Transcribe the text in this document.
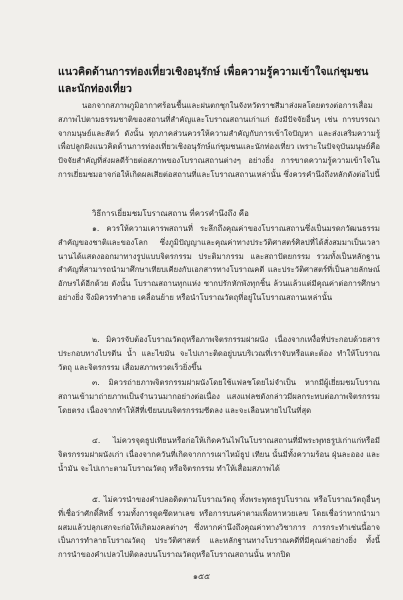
แนวคิดด้านการท่องเที่ยวเชิงอนุรักษ์ เพื่อความรู้ความเข้าใจแก่ชุมชนและนักท่องเที่ยว
นอกจากสภาพภูมิอากาศร้อนชื้นและฝนตกชุกในจังหวัดราชสีมาส่งผลโดยตรงต่อการเสื่อมสภาพไปตามธรรมชาติของสถานที่สำคัญและโบราณสถานเก่าแก่ ยังมีปัจจัยอื่นๆ เช่น การบรรณาจากมนุษย์และสัตว์ ดังนั้น ทุกภาคส่วนควรให้ความสำคัญกับการเข้าใจปัญหา และส่งเสริมความรู้เพื่อปลูกฝังแนวคิดด้านการท่องเที่ยวเชิงอนุรักษ์แก่ชุมชนและนักท่องเที่ยว เพราะในปัจจุบันมนุษย์คือปัจจัยสำคัญที่ส่งผลดีร้ายต่อสภาพของโบราณสถานต่างๆ อย่างยิ่ง การขาดความรู้ความเข้าใจในการเยี่ยมชมอาจก่อให้เกิดผลเสียต่อสถานที่และโบราณสถานเหล่านั้น ซึ่งควรคำนึงถึงหลักดังต่อไปนี้
วิธีการเยี่ยมชมโบราณสถาน ที่ควรคำนึงถึง คือ
๑. ควรให้ความเคารพสถานที่ ระลึกถึงคุณค่าของโบราณสถานซึ่งเป็นมรดกวัฒนธรรมสำคัญของชาติและของโลก ซึ่งภูมิปัญญาและคุณค่าทางประวัติศาสตร์ศิลปที่ได้สั่งสมมาเป็นเวลานานได้แสดงออกมาทางรูปแบบจิตรกรรม ประติมากรรม และสถาปัตยกรรม รวมทั้งเป็นหลักฐานสำคัญที่สามารถนำมาศึกษาเทียบเคียงกับเอกสารทางโบราณคดี และประวัติศาสตร์ที่เป็นลายลักษณ์อักษรได้อีกด้วย ดังนั้น โบราณสถานทุกแห่ง ซากปรักหักพังทุกชิ้น ล้วนแล้วแต่มีคุณค่าต่อการศึกษาอย่างยิ่ง จึงมิควรทำลาย เคลื่อนย้าย หรือนำโบราณวัตถุที่อยู่ในโบราณสถานเหล่านั้น
๒. มิควรจับต้องโบราณวัตถุหรือภาพจิตรกรรมฝาผนัง เนื่องจากเหงื่อที่ประกอบด้วยสารประกอบทางไบรตีน น้ำ และไขมัน จะไปเกาะติดอยู่บนบริเวณที่เราจับหรือแตะต้อง ทำให้โบราณวัตถุ และจิตรกรรม เสื่อมสภาพรวดเร็วยิ่งขึ้น
๓. มิควรถ่ายภาพจิตรกรรมฝาผนังโดยใช้แฟลชโดยไม่จำเป็น หากมีผู้เยี่ยมชมโบราณสถานเข้ามาถ่ายภาพเป็นจำนวนมากอย่างต่อเนื่อง แสงแฟลชดังกล่าวมีผลกระทบต่อภาพจิตรกรรมโดยตรง เนื่องจากทำให้สีที่เขียนบนจิตรกรรมซีดลง และจะเลือนหายไปในที่สุด
๔. ไม่ควรจุดธูปเทียนหรือก่อให้เกิดควันไฟในโบราณสถานที่มีพระพุทธรูปเก่าแก่หรือมีจิตรกรรมฝาผนังเก่า เนื่องจากควันที่เกิดจากการเผาไหม้ธูป เทียน นั้นมีทั้งความร้อน ฝุ่นละออง และน้ำมัน จะไปเกาะตามโบราณวัตถุ หรือจิตรกรรม ทำให้เสื่อมสภาพได้
๕. ไม่ควรนำของคำปลอดิดตามโบราณวัตถุ ทั้งพระพุทธรูปโบราณ หรือโบราณวัตถุอื่นๆ ที่เชื่อว่าศักดิ์สิทธิ์ รวมทั้งการดูดซึดหาเลข หรือการบนค่าตามเพื่อหาหวยเลข โดยเชื่อว่าหากนำมาผสมแล้วปลุกเสกจะก่อให้เกิดมงคลต่างๆ ซึ่งหากค่านึงถึงคุณค่าทางวิชาการ การกระทำเช่นนี้อาจเป็นการทำลายโบราณวัตถุ ประวัติศาสตร์ และหลักฐานทางโบราณคดีที่มีคุณค่าอย่างยิ่ง ทั้งนี้ การนำของคำเปลวไปติดลงบนโบราณวัตถุหรือโบราณสถานนั้น หากปิด
๑๕๕
